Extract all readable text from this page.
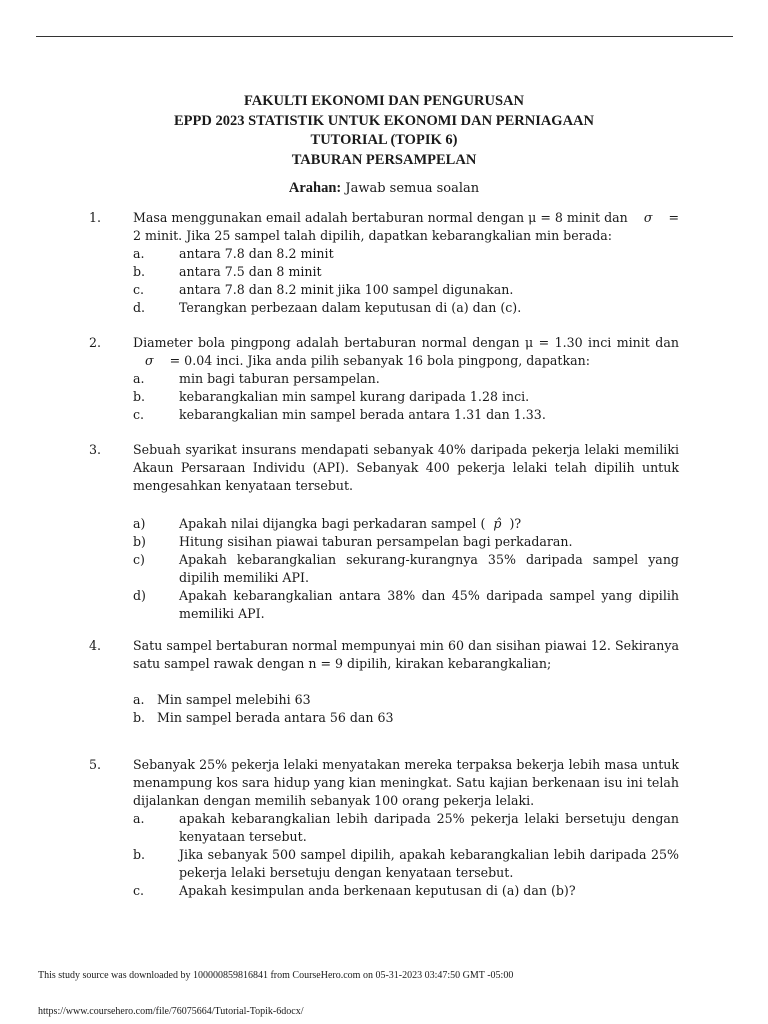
FAKULTI EKONOMI DAN PENGURUSAN
EPPD 2023 STATISTIK UNTUK EKONOMI DAN PERNIAGAAN
TUTORIAL (TOPIK 6)
TABURAN PERSAMPELAN
Arahan: Jawab semua soalan
1.	Masa menggunakan email adalah bertaburan normal dengan μ = 8 minit dan σ = 2 minit. Jika 25 sampel talah dipilih, dapatkan kebarangkalian min berada:
a.	antara 7.8 dan 8.2 minit
b.	antara 7.5 dan 8 minit
c.	antara 7.8 dan 8.2 minit jika 100 sampel digunakan.
d.	Terangkan perbezaan dalam keputusan di (a) dan (c).
2.	Diameter bola pingpong adalah bertaburan normal dengan μ = 1.30 inci minit dan σ = 0.04 inci. Jika anda pilih sebanyak 16 bola pingpong, dapatkan:
a.	min bagi taburan persampelan.
b.	kebarangkalian min sampel kurang daripada 1.28 inci.
c.	kebarangkalian min sampel berada antara 1.31 dan 1.33.
3.	Sebuah syarikat insurans mendapati sebanyak 40% daripada pekerja lelaki memiliki Akaun Persaraan Individu (API). Sebanyak 400 pekerja lelaki telah dipilih untuk mengesahkan kenyataan tersebut.
a)	Apakah nilai dijangka bagi perkadaran sampel ( p̂ )?
b)	Hitung sisihan piawai taburan persampelan bagi perkadaran.
c)	Apakah kebarangkalian sekurang-kurangnya 35% daripada sampel yang dipilih memiliki API.
d)	Apakah kebarangkalian antara 38% dan 45% daripada sampel yang dipilih memiliki API.
4.	Satu sampel bertaburan normal mempunyai min 60 dan sisihan piawai 12. Sekiranya satu sampel rawak dengan n = 9 dipilih, kirakan kebarangkalian;
a. Min sampel melebihi 63
b. Min sampel berada antara 56 dan 63
5.	Sebanyak 25% pekerja lelaki menyatakan mereka terpaksa bekerja lebih masa untuk menampung kos sara hidup yang kian meningkat. Satu kajian berkenaan isu ini telah dijalankan dengan memilih sebanyak 100 orang pekerja lelaki.
a.	apakah kebarangkalian lebih daripada 25% pekerja lelaki bersetuju dengan kenyataan tersebut.
b.	Jika sebanyak 500 sampel dipilih, apakah kebarangkalian lebih daripada 25% pekerja lelaki bersetuju dengan kenyataan tersebut.
c.	Apakah kesimpulan anda berkenaan keputusan di (a) dan (b)?
This study source was downloaded by 100000859816841 from CourseHero.com on 05-31-2023 03:47:50 GMT -05:00
https://www.coursehero.com/file/76075664/Tutorial-Topik-6docx/
